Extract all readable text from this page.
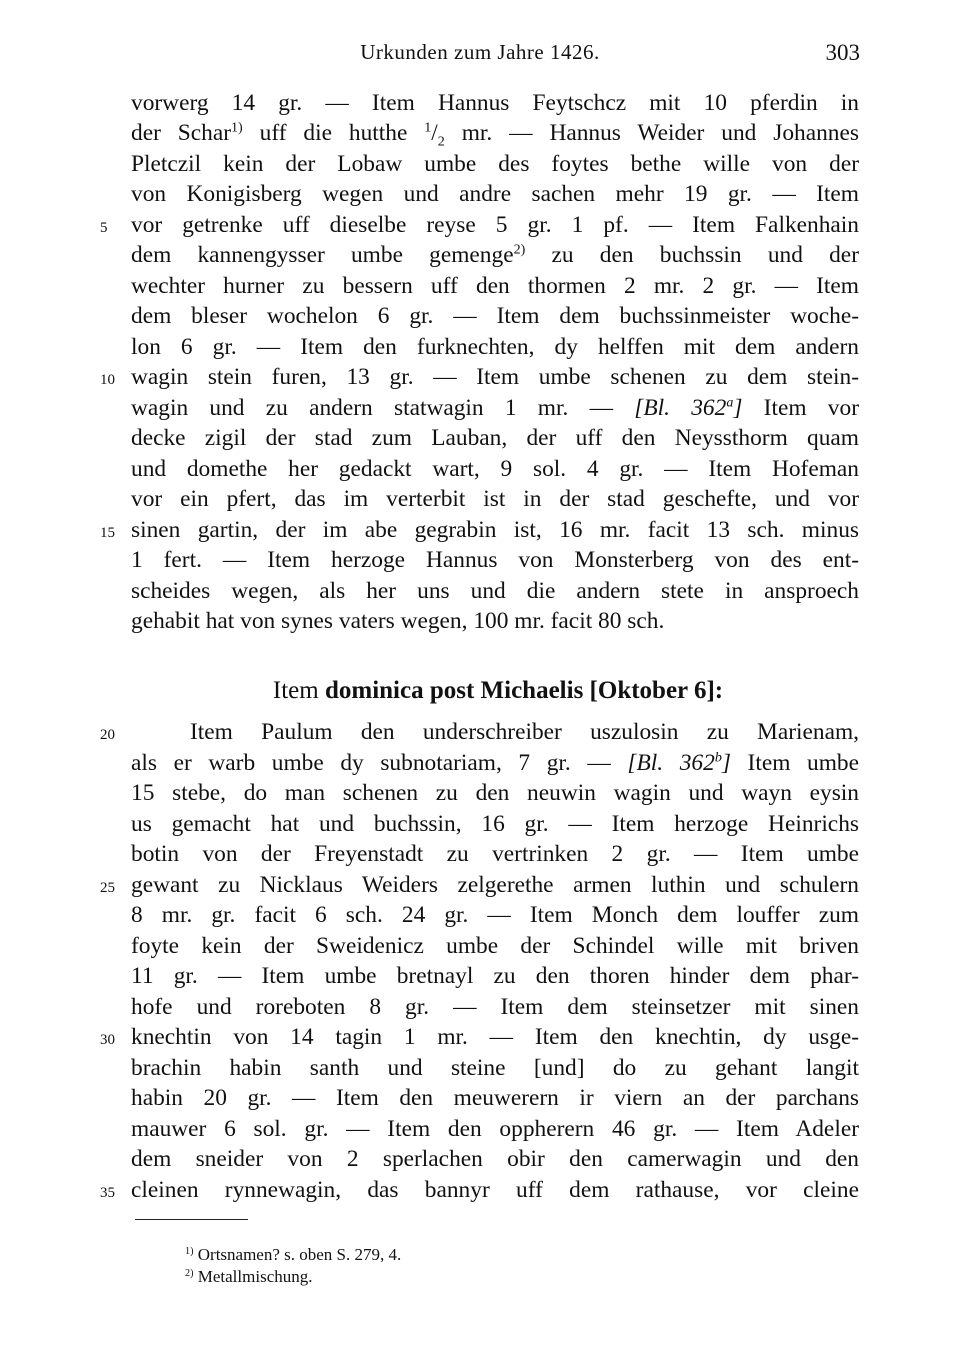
Urkunden zum Jahre 1426.	303
vorwerg 14 gr. — Item Hannus Feytschcz mit 10 pferdin in
der Schar$^{1)}$ uff die hutthe $^1/_2$ mr. — Hannus Weider und Johannes
Pletczil kein der Lobaw umbe des foytes bethe wille von der
von Konigisberg wegen und andre sachen mehr 19 gr. — Item
vor getrenke uff dieselbe reyse 5 gr. 1 pf. — Item Falkenhain
dem kannengysser umbe gemenge$^{2)}$ zu den buchssin und der
wechter hurner zu bessern uff den thormen 2 mr. 2 gr. — Item
dem bleser wochelon 6 gr. — Item dem buchssinmeister woche-
lon 6 gr. — Item den furknechten, dy helffen mit dem andern
wagin stein furen, 13 gr. — Item umbe schenen zu dem stein-
wagin und zu andern statwagin 1 mr. — [Bl. 362$^a$] Item vor
decke zigil der stad zum Lauban, der uff den Neyssthorm quam
und domethe her gedackt wart, 9 sol. 4 gr. — Item Hofeman
vor ein pfert, das im verterbit ist in der stad geschefte, und vor
sinen gartin, der im abe gegrabin ist, 16 mr. facit 13 sch. minus
1 fert. — Item herzoge Hannus von Monsterberg von des ent-
scheides wegen, als her uns und die andern stete in ansproech
gehabit hat von synes vaters wegen, 100 mr. facit 80 sch.
Item dominica post Michaelis [Oktober 6]:
Item Paulum den underschreiber uszulosin zu Marienam,
als er warb umbe dy subnotariam, 7 gr. — [Bl. 362$^b$] Item umbe
15 stebe, do man schenen zu den neuwin wagin und wayn eysin
us gemacht hat und buchssin, 16 gr. — Item herzoge Heinrichs
botin von der Freyenstadt zu vertrinken 2 gr. — Item umbe
gewant zu Nicklaus Weiders zelgerethe armen luthin und schulern
8 mr. gr. facit 6 sch. 24 gr. — Item Monch dem louffer zum
foyte kein der Sweidenicz umbe der Schindel wille mit briven
11 gr. — Item umbe bretnayl zu den thoren hinder dem phar-
hofe und roreboten 8 gr. — Item dem steinsetzer mit sinen
knechtin von 14 tagin 1 mr. — Item den knechtin, dy usge-
brachin habin santh und steine [und] do zu gehant langit
habin 20 gr. — Item den meuwerern ir viern an der parchans
mauwer 6 sol. gr. — Item den oppherern 46 gr. — Item Adeler
dem sneider von 2 sperlachen obir den camerwagin und den
cleinen rynnewagin, das bannyr uff dem rathause, vor cleine
5
10
15
20
25
30
35
$^{1)}$ Ortsnamen? s. oben S. 279, 4.
$^{2)}$ Metallmischung.
